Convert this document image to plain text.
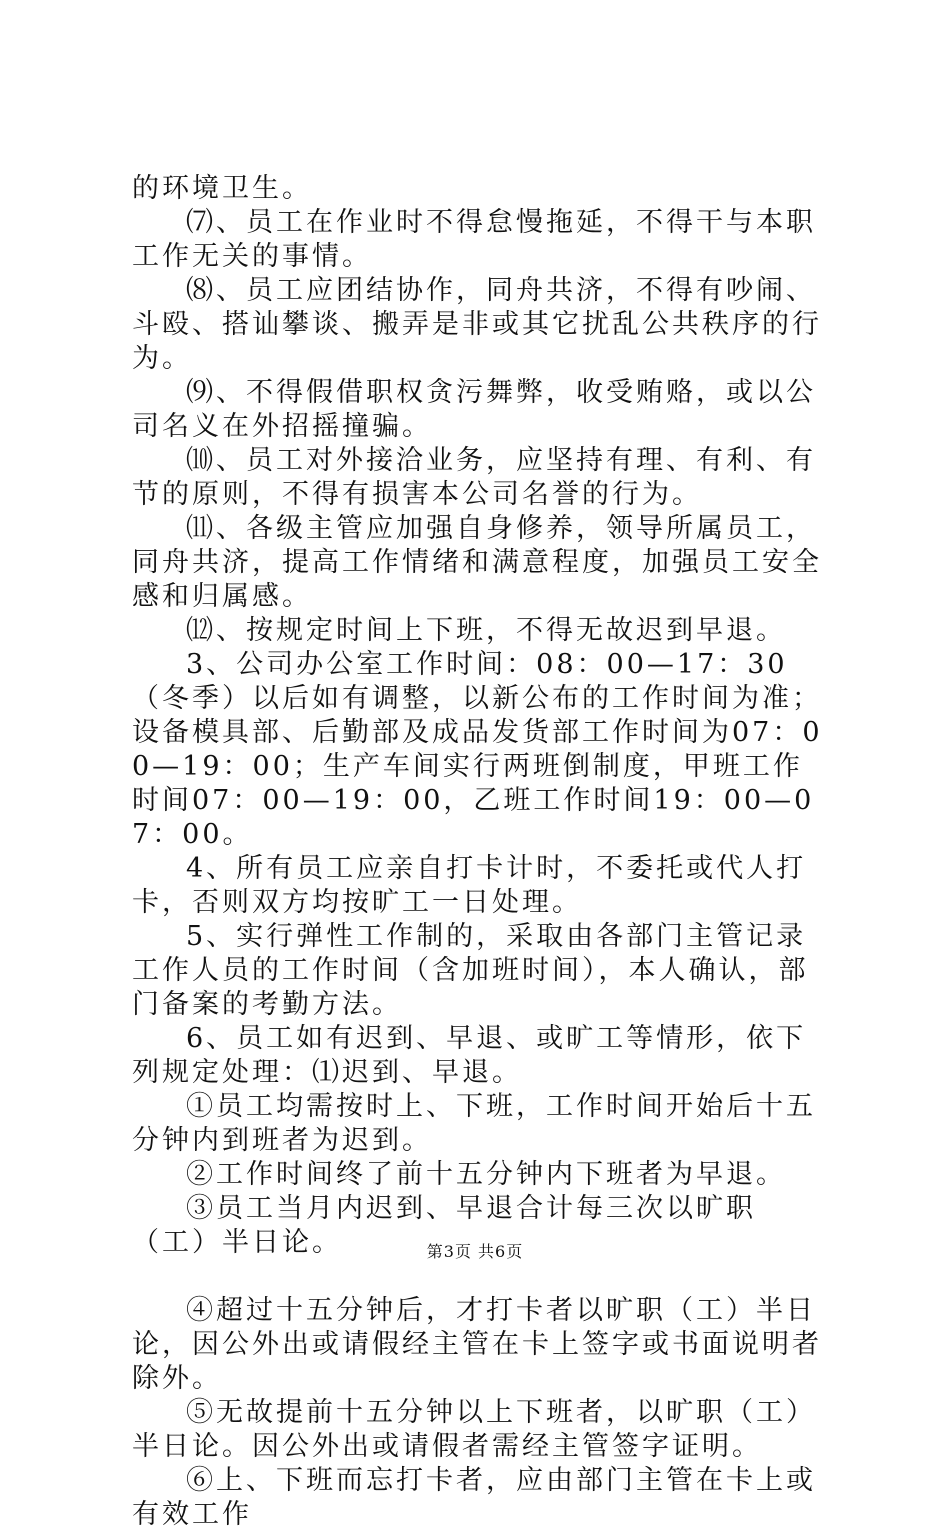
的环境卫生。

⑺、员工在作业时不得怠慢拖延，不得干与本职工作无关的事情。

⑻、员工应团结协作，同舟共济，不得有吵闹、斗殴、搭讪攀谈、搬弄是非或其它扰乱公共秩序的行为。

⑼、不得假借职权贪污舞弊，收受贿赂，或以公司名义在外招摇撞骗。

⑽、员工对外接洽业务，应坚持有理、有利、有节的原则，不得有损害本公司名誉的行为。

⑾、各级主管应加强自身修养，领导所属员工，同舟共济，提高工作情绪和满意程度，加强员工安全感和归属感。

⑿、按规定时间上下班，不得无故迟到早退。

3、公司办公室工作时间：08：00—17：30（冬季）以后如有调整，以新公布的工作时间为准；设备模具部、后勤部及成品发货部工作时间为07：00—19：00；生产车间实行两班倒制度，甲班工作时间07：00—19：00，乙班工作时间19：00—07：00。

4、所有员工应亲自打卡计时，不委托或代人打卡，否则双方均按旷工一日处理。

5、实行弹性工作制的，采取由各部门主管记录工作人员的工作时间（含加班时间），本人确认，部门备案的考勤方法。

6、员工如有迟到、早退、或旷工等情形，依下列规定处理：⑴迟到、早退。

①员工均需按时上、下班，工作时间开始后十五分钟内到班者为迟到。

②工作时间终了前十五分钟内下班者为早退。

③员工当月内迟到、早退合计每三次以旷职（工）半日论。

④超过十五分钟后，才打卡者以旷职（工）半日论，因公外出或请假经主管在卡上签字或书面说明者除外。

⑤无故提前十五分钟以上下班者，以旷职（工）半日论。因公外出或请假者需经主管签字证明。

⑥上、下班而忘打卡者，应由部门主管在卡上或有效工作

第3页 共6页
